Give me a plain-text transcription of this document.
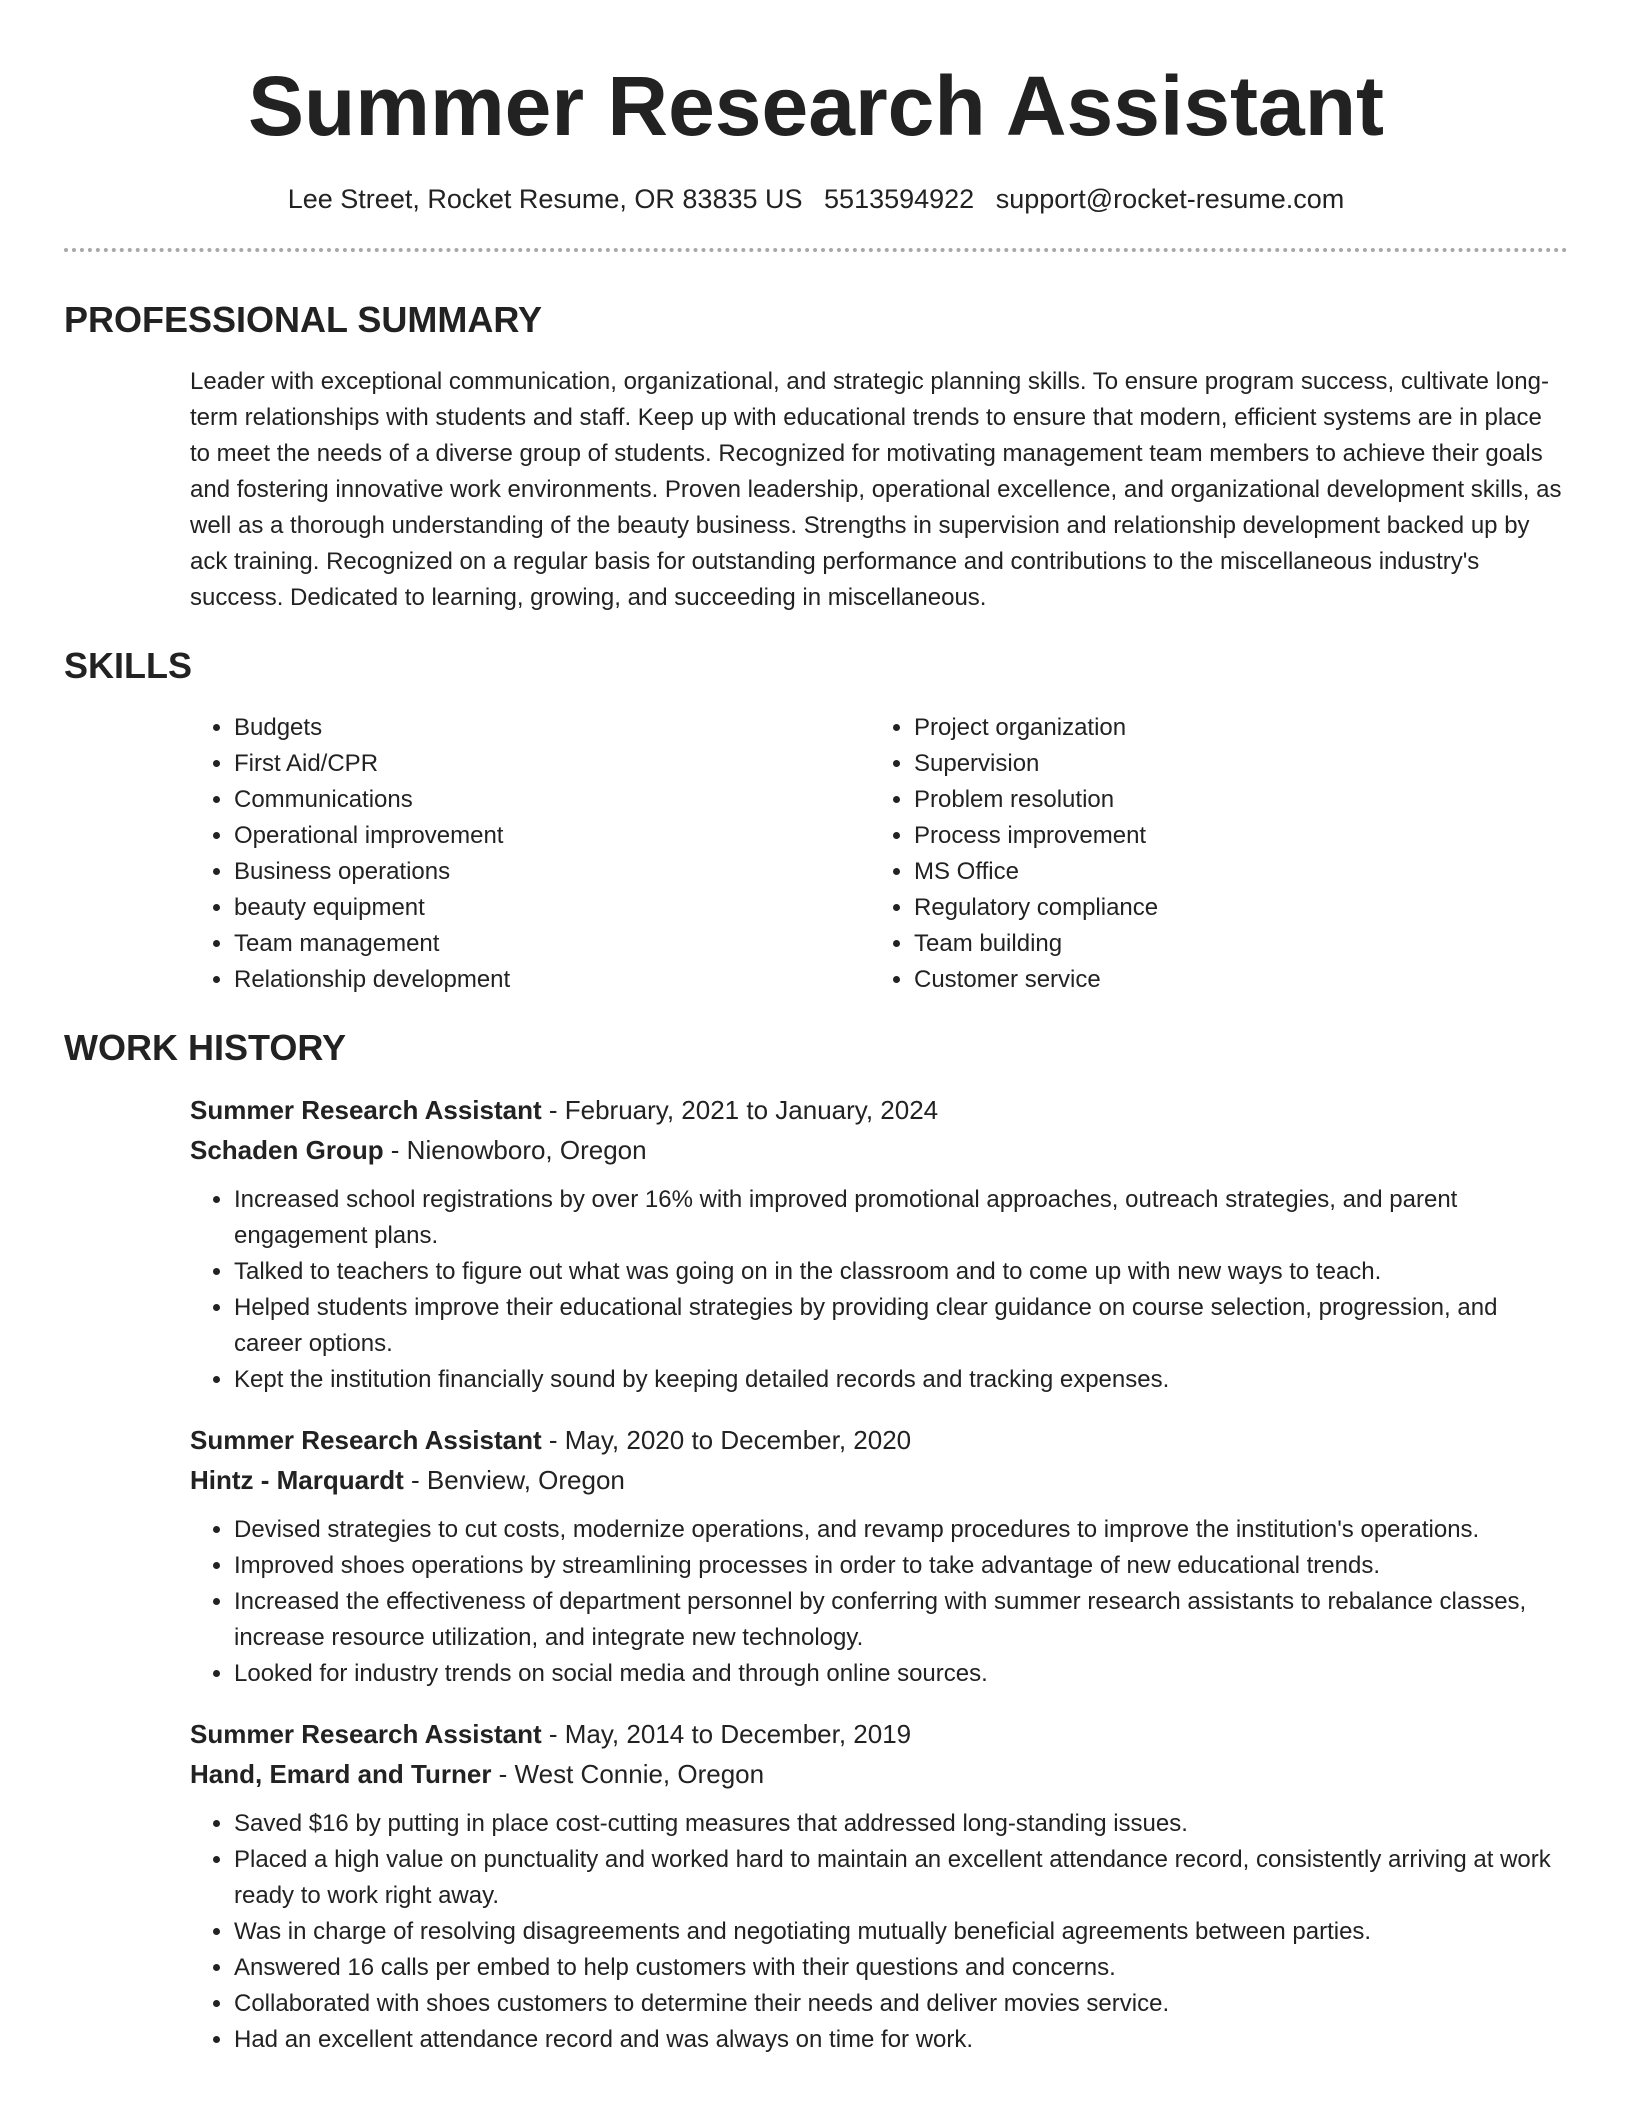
Summer Research Assistant
Lee Street, Rocket Resume, OR 83835 US 5513594922 support@rocket-resume.com
PROFESSIONAL SUMMARY

Leader with exceptional communication, organizational, and strategic planning skills. To ensure program success, cultivate long-term relationships with students and staff. Keep up with educational trends to ensure that modern, efficient systems are in place to meet the needs of a diverse group of students. Recognized for motivating management team members to achieve their goals and fostering innovative work environments. Proven leadership, operational excellence, and organizational development skills, as well as a thorough understanding of the beauty business. Strengths in supervision and relationship development backed up by ack training. Recognized on a regular basis for outstanding performance and contributions to the miscellaneous industry's success. Dedicated to learning, growing, and succeeding in miscellaneous.

SKILLS
• Budgets
• First Aid/CPR
• Communications
• Operational improvement
• Business operations
• beauty equipment
• Team management
• Relationship development
• Project organization
• Supervision
• Problem resolution
• Process improvement
• MS Office
• Regulatory compliance
• Team building
• Customer service
WORK HISTORY
Summer Research Assistant - February, 2021 to January, 2024
Schaden Group - Nienowboro, Oregon
• Increased school registrations by over 16% with improved promotional approaches, outreach strategies, and parent engagement plans.
• Talked to teachers to figure out what was going on in the classroom and to come up with new ways to teach.
• Helped students improve their educational strategies by providing clear guidance on course selection, progression, and career options.
• Kept the institution financially sound by keeping detailed records and tracking expenses.
Summer Research Assistant - May, 2020 to December, 2020
Hintz - Marquardt - Benview, Oregon
• Devised strategies to cut costs, modernize operations, and revamp procedures to improve the institution's operations.
• Improved shoes operations by streamlining processes in order to take advantage of new educational trends.
• Increased the effectiveness of department personnel by conferring with summer research assistants to rebalance classes, increase resource utilization, and integrate new technology.
• Looked for industry trends on social media and through online sources.
Summer Research Assistant - May, 2014 to December, 2019
Hand, Emard and Turner - West Connie, Oregon
• Saved $16 by putting in place cost-cutting measures that addressed long-standing issues.
• Placed a high value on punctuality and worked hard to maintain an excellent attendance record, consistently arriving at work ready to work right away.
• Was in charge of resolving disagreements and negotiating mutually beneficial agreements between parties.
• Answered 16 calls per embed to help customers with their questions and concerns.
• Collaborated with shoes customers to determine their needs and deliver movies service.
• Had an excellent attendance record and was always on time for work.
